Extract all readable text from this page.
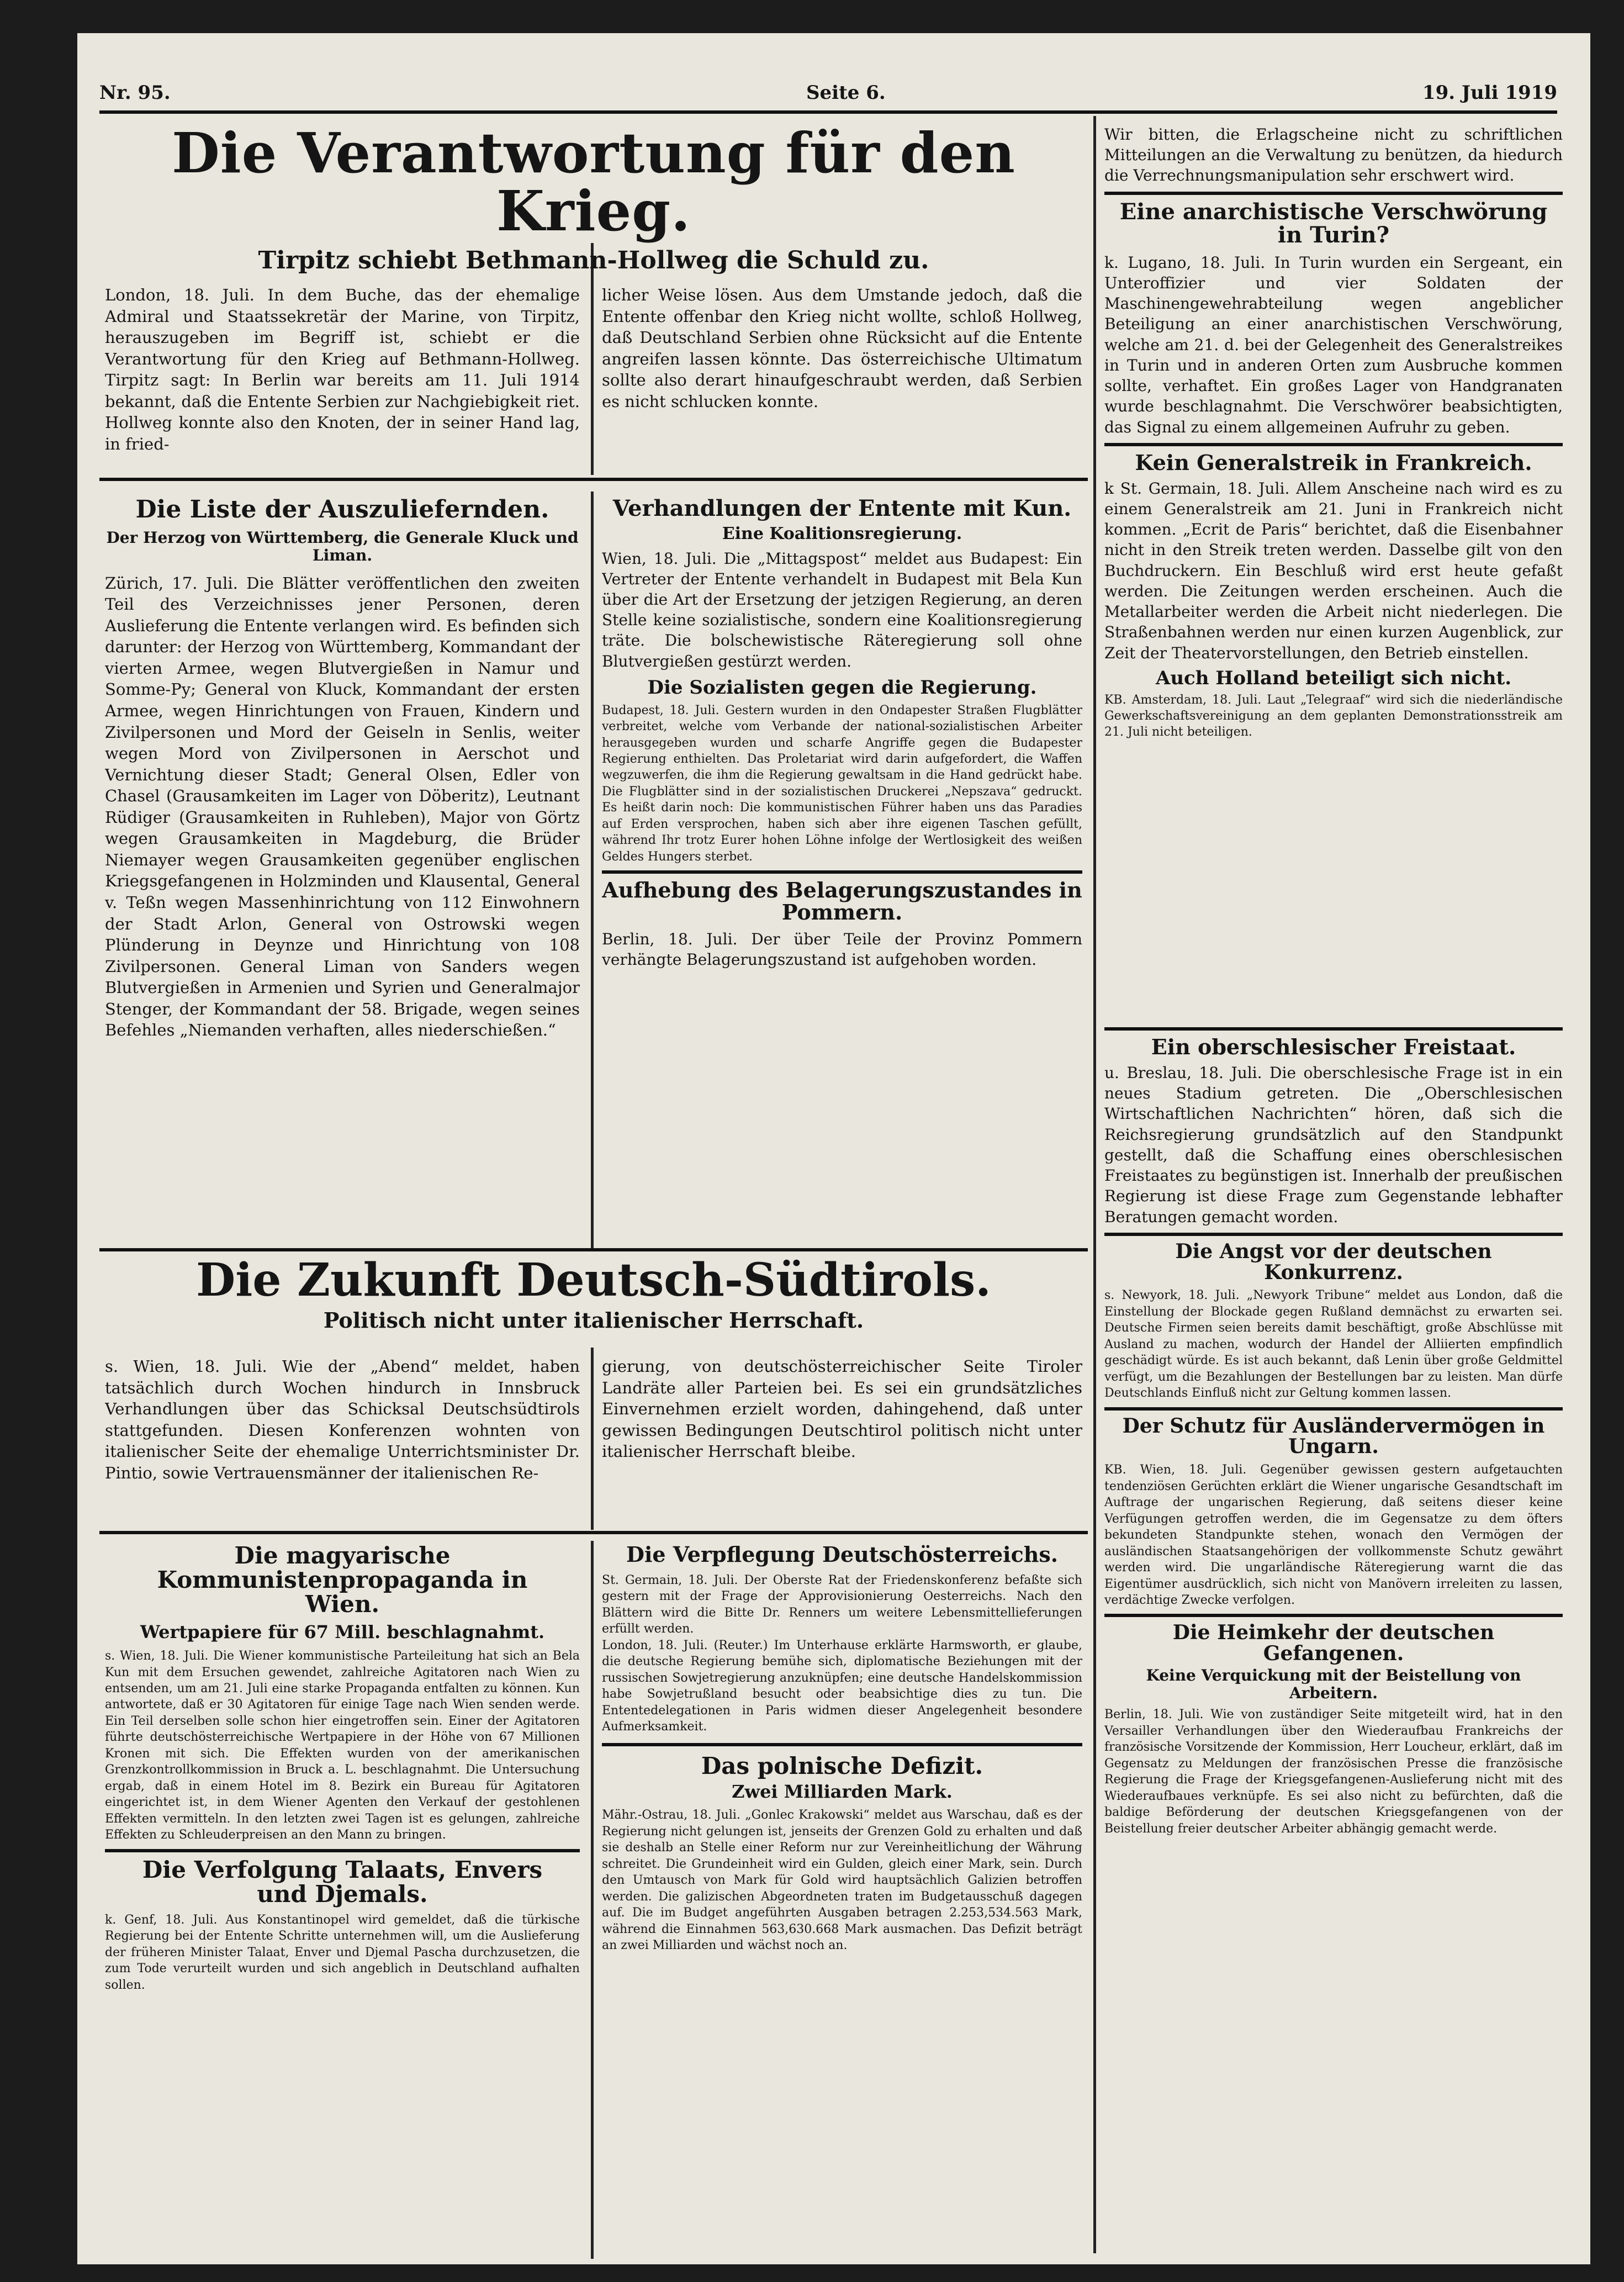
Nr. 95.	Seite 6.	19. Juli 1919
Die Verantwortung für den Krieg.
Tirpitz schiebt Bethmann-Hollweg die Schuld zu.
London, 18. Juli. In dem Buche, das der ehemalige Admiral und Staatssekretär der Marine, von Tirpitz, herauszugeben im Begriff ist, schiebt er die Verantwortung für den Krieg auf Bethmann-Hollweg. Tirpitz sagt: In Berlin war bereits am 11. Juli 1914 bekannt, daß die Entente Serbien zur Nachgiebigkeit riet. Hollweg konnte also den Knoten, der in seiner Hand lag, in fried-
licher Weise lösen. Aus dem Umstande jedoch, daß die Entente offenbar den Krieg nicht wollte, schloß Hollweg, daß Deutschland Serbien ohne Rücksicht auf die Entente angreifen lassen könnte. Das österreichische Ultimatum sollte also derart hinaufgeschraubt werden, daß Serbien es nicht schlucken konnte.
Wir bitten, die Erlagscheine nicht zu schriftlichen Mitteilungen an die Verwaltung zu benützen, da hiedurch die Verrechnungsmanipulation sehr erschwert wird.
Eine anarchistische Verschwörung in Turin?
k. Lugano, 18. Juli. In Turin wurden ein Sergeant, ein Unteroffizier und vier Soldaten der Maschinengewehrabteilung wegen angeblicher Beteiligung an einer anarchistischen Verschwörung, welche am 21. d. bei der Gelegenheit des Generalstreikes in Turin und in anderen Orten zum Ausbruche kommen sollte, verhaftet. Ein großes Lager von Handgranaten wurde beschlagnahmt. Die Verschwörer beabsichtigten, das Signal zu einem allgemeinen Aufruhr zu geben.
Kein Generalstreik in Frankreich.
k St. Germain, 18. Juli. Allem Anscheine nach wird es zu einem Generalstreik am 21. Juni in Frankreich nicht kommen. „Ecrit de Paris“ berichtet, daß die Eisenbahner nicht in den Streik treten werden. Dasselbe gilt von den Buchdruckern. Ein Beschluß wird erst heute gefaßt werden. Die Zeitungen werden erscheinen. Auch die Metallarbeiter werden die Arbeit nicht niederlegen. Die Straßenbahnen werden nur einen kurzen Augenblick, zur Zeit der Theatervorstellungen, den Betrieb einstellen.
Auch Holland beteiligt sich nicht.
KB. Amsterdam, 18. Juli. Laut „Telegraaf“ wird sich die niederländische Gewerkschaftsvereinigung an dem geplanten Demonstrationsstreik am 21. Juli nicht beteiligen.
Ein oberschlesischer Freistaat.
u. Breslau, 18. Juli. Die oberschlesische Frage ist in ein neues Stadium getreten. Die „Oberschlesischen Wirtschaftlichen Nachrichten“ hören, daß sich die Reichsregierung grundsätzlich auf den Standpunkt gestellt, daß die Schaffung eines oberschlesischen Freistaates zu begünstigen ist. Innerhalb der preußischen Regierung ist diese Frage zum Gegenstande lebhafter Beratungen gemacht worden.
Die Angst vor der deutschen Konkurrenz.
s. Newyork, 18. Juli. „Newyork Tribune“ meldet aus London, daß die Einstellung der Blockade gegen Rußland demnächst zu erwarten sei. Deutsche Firmen seien bereits damit beschäftigt, große Abschlüsse mit Ausland zu machen, wodurch der Handel der Alliierten empfindlich geschädigt würde. Es ist auch bekannt, daß Lenin über große Geldmittel verfügt, um die Bezahlungen der Bestellungen bar zu leisten. Man dürfe Deutschlands Einfluß nicht zur Geltung kommen lassen.
Der Schutz für Ausländervermögen in Ungarn.
KB. Wien, 18. Juli. Gegenüber gewissen gestern aufgetauchten tendenziösen Gerüchten erklärt die Wiener ungarische Gesandtschaft im Auftrage der ungarischen Regierung, daß seitens dieser keine Verfügungen getroffen werden, die im Gegensatze zu dem öfters bekundeten Standpunkte stehen, wonach den Vermögen der ausländischen Staatsangehörigen der vollkommenste Schutz gewährt werden wird. Die ungarländische Räteregierung warnt die das Eigentümer ausdrücklich, sich nicht von Manövern irreleiten zu lassen, verdächtige Zwecke verfolgen.
Die Heimkehr der deutschen Gefangenen.
Keine Verquickung mit der Beistellung von Arbeitern.
Berlin, 18. Juli. Wie von zuständiger Seite mitgeteilt wird, hat in den Versailler Verhandlungen über den Wiederaufbau Frankreichs der französische Vorsitzende der Kommission, Herr Loucheur, erklärt, daß im Gegensatz zu Meldungen der französischen Presse die französische Regierung die Frage der Kriegsgefangenen-Auslieferung nicht mit des Wiederaufbaues verknüpfe. Es sei also nicht zu befürchten, daß die baldige Beförderung der deutschen Kriegsgefangenen von der Beistellung freier deutscher Arbeiter abhängig gemacht werde.
Die Liste der Auszuliefernden.
Der Herzog von Württemberg, die Generale Kluck und Liman.
Zürich, 17. Juli. Die Blätter veröffentlichen den zweiten Teil des Verzeichnisses jener Personen, deren Auslieferung die Entente verlangen wird. Es befinden sich darunter: der Herzog von Württemberg, Kommandant der vierten Armee, wegen Blutvergießen in Namur und Somme-Py; General von Kluck, Kommandant der ersten Armee, wegen Hinrichtungen von Frauen, Kindern und Zivilpersonen und Mord der Geiseln in Senlis, weiter wegen Mord von Zivilpersonen in Aerschot und Vernichtung dieser Stadt; General Olsen, Edler von Chasel (Grausamkeiten im Lager von Döberitz), Leutnant Rüdiger (Grausamkeiten in Ruhleben), Major von Görtz wegen Grausamkeiten in Magdeburg, die Brüder Niemayer wegen Grausamkeiten gegenüber englischen Kriegsgefangenen in Holzminden und Klausental, General v. Teßn wegen Massenhinrichtung von 112 Einwohnern der Stadt Arlon, General von Ostrowski wegen Plünderung in Deynze und Hinrichtung von 108 Zivilpersonen. General Liman von Sanders wegen Blutvergießen in Armenien und Syrien und Generalmajor Stenger, der Kommandant der 58. Brigade, wegen seines Befehles „Niemanden verhaften, alles niederschießen.“
Verhandlungen der Entente mit Kun.
Eine Koalitionsregierung.
Wien, 18. Juli. Die „Mittagspost“ meldet aus Budapest: Ein Vertreter der Entente verhandelt in Budapest mit Bela Kun über die Art der Ersetzung der jetzigen Regierung, an deren Stelle keine sozialistische, sondern eine Koalitionsregierung träte. Die bolschewistische Räteregierung soll ohne Blutvergießen gestürzt werden.
Die Sozialisten gegen die Regierung.
Budapest, 18. Juli. Gestern wurden in den Ondapester Straßen Flugblätter verbreitet, welche vom Verbande der national-sozialistischen Arbeiter herausgegeben wurden und scharfe Angriffe gegen die Budapester Regierung enthielten. Das Proletariat wird darin aufgefordert, die Waffen wegzuwerfen, die ihm die Regierung gewaltsam in die Hand gedrückt habe. Die Flugblätter sind in der sozialistischen Druckerei „Nepszava“ gedruckt. Es heißt darin noch: Die kommunistischen Führer haben uns das Paradies auf Erden versprochen, haben sich aber ihre eigenen Taschen gefüllt, während Ihr trotz Eurer hohen Löhne infolge der Wertlosigkeit des weißen Geldes Hungers sterbet.
Aufhebung des Belagerungszustandes in Pommern.
Berlin, 18. Juli. Der über Teile der Provinz Pommern verhängte Belagerungszustand ist aufgehoben worden.
Die Zukunft Deutsch-Südtirols.
Politisch nicht unter italienischer Herrschaft.
s. Wien, 18. Juli. Wie der „Abend“ meldet, haben tatsächlich durch Wochen hindurch in Innsbruck Verhandlungen über das Schicksal Deutschsüdtirols stattgefunden. Diesen Konferenzen wohnten von italienischer Seite der ehemalige Unterrichtsminister Dr. Pintio, sowie Vertrauensmänner der italienischen Re-
gierung, von deutschösterreichischer Seite Tiroler Landräte aller Parteien bei. Es sei ein grundsätzliches Einvernehmen erzielt worden, dahingehend, daß unter gewissen Bedingungen Deutschtirol politisch nicht unter italienischer Herrschaft bleibe.
Die magyarische Kommunistenpropaganda in Wien.
Wertpapiere für 67 Mill. beschlagnahmt.
s. Wien, 18. Juli. Die Wiener kommunistische Parteileitung hat sich an Bela Kun mit dem Ersuchen gewendet, zahlreiche Agitatoren nach Wien zu entsenden, um am 21. Juli eine starke Propaganda entfalten zu können. Kun antwortete, daß er 30 Agitatoren für einige Tage nach Wien senden werde. Ein Teil derselben solle schon hier eingetroffen sein. Einer der Agitatoren führte deutschösterreichische Wertpapiere in der Höhe von 67 Millionen Kronen mit sich. Die Effekten wurden von der amerikanischen Grenzkontrollkommission in Bruck a. L. beschlagnahmt. Die Untersuchung ergab, daß in einem Hotel im 8. Bezirk ein Bureau für Agitatoren eingerichtet ist, in dem Wiener Agenten den Verkauf der gestohlenen Effekten vermitteln. In den letzten zwei Tagen ist es gelungen, zahlreiche Effekten zu Schleuderpreisen an den Mann zu bringen.
Die Verfolgung Talaats, Envers und Djemals.
k. Genf, 18. Juli. Aus Konstantinopel wird gemeldet, daß die türkische Regierung bei der Entente Schritte unternehmen will, um die Auslieferung der früheren Minister Talaat, Enver und Djemal Pascha durchzusetzen, die zum Tode verurteilt wurden und sich angeblich in Deutschland aufhalten sollen.
Die Verpflegung Deutschösterreichs.
St. Germain, 18. Juli. Der Oberste Rat der Friedenskonferenz befaßte sich gestern mit der Frage der Approvisionierung Oesterreichs. Nach den Blättern wird die Bitte Dr. Renners um weitere Lebensmittellieferungen erfüllt werden.
London, 18. Juli. (Reuter.) Im Unterhause erklärte Harmsworth, er glaube, die deutsche Regierung bemühe sich, diplomatische Beziehungen mit der russischen Sowjetregierung anzuknüpfen; eine deutsche Handelskommission habe Sowjetrußland besucht oder beabsichtige dies zu tun. Die Ententedelegationen in Paris widmen dieser Angelegenheit besondere Aufmerksamkeit.
Das polnische Defizit.
Zwei Milliarden Mark.
Mähr.-Ostrau, 18. Juli. „Gonlec Krakowski“ meldet aus Warschau, daß es der Regierung nicht gelungen ist, jenseits der Grenzen Gold zu erhalten und daß sie deshalb an Stelle einer Reform nur zur Vereinheitlichung der Währung schreitet. Die Grundeinheit wird ein Gulden, gleich einer Mark, sein. Durch den Umtausch von Mark für Gold wird hauptsächlich Galizien betroffen werden. Die galizischen Abgeordneten traten im Budgetausschuß dagegen auf. Die im Budget angeführten Ausgaben betragen 2.253,534.563 Mark, während die Einnahmen 563,630.668 Mark ausmachen. Das Defizit beträgt an zwei Milliarden und wächst noch an.
